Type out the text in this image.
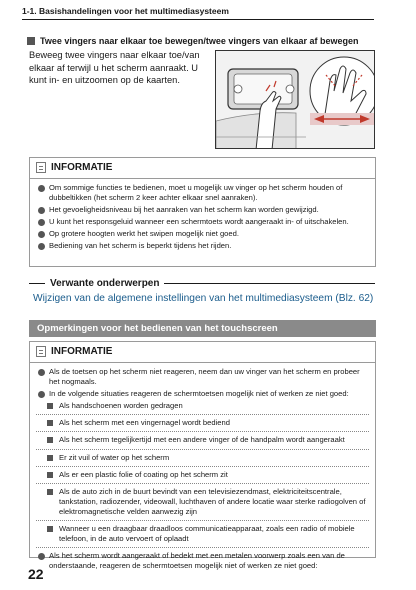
1-1. Basishandelingen voor het multimediasysteem
Twee vingers naar elkaar toe bewegen/twee vingers van elkaar af bewegen
Beweeg twee vingers naar elkaar toe/van elkaar af terwijl u het scherm aanraakt. U kunt in- en uitzoomen op de kaarten.
INFORMATIE
Om sommige functies te bedienen, moet u mogelijk uw vinger op het scherm houden of dubbeltikken (het scherm 2 keer achter elkaar snel aanraken).
Het gevoeligheidsniveau bij het aanraken van het scherm kan worden gewijzigd.
U kunt het responsgeluid wanneer een schermtoets wordt aangeraakt in- of uitschakelen.
Op grotere hoogten werkt het swipen mogelijk niet goed.
Bediening van het scherm is beperkt tijdens het rijden.
Verwante onderwerpen
Wijzigen van de algemene instellingen van het multimediasysteem (Blz. 62)
Opmerkingen voor het bedienen van het touchscreen
INFORMATIE
Als de toetsen op het scherm niet reageren, neem dan uw vinger van het scherm en probeer het nogmaals.
In de volgende situaties reageren de schermtoetsen mogelijk niet of werken ze niet goed:
Als handschoenen worden gedragen
Als het scherm met een vingernagel wordt bediend
Als het scherm tegelijkertijd met een andere vinger of de handpalm wordt aangeraakt
Er zit vuil of water op het scherm
Als er een plastic folie of coating op het scherm zit
Als de auto zich in de buurt bevindt van een televisiezendmast, elektriciteitscentrale, tankstation, radiozender, videowall, luchthaven of andere locatie waar sterke radiogolven of elektromagnetische velden aanwezig zijn
Wanneer u een draagbaar draadloos communicatieapparaat, zoals een radio of mobiele telefoon, in de auto vervoert of oplaadt
Als het scherm wordt aangeraakt of bedekt met een metalen voorwerp zoals een van de onderstaande, reageren de schermtoetsen mogelijk niet of werken ze niet goed:
22
